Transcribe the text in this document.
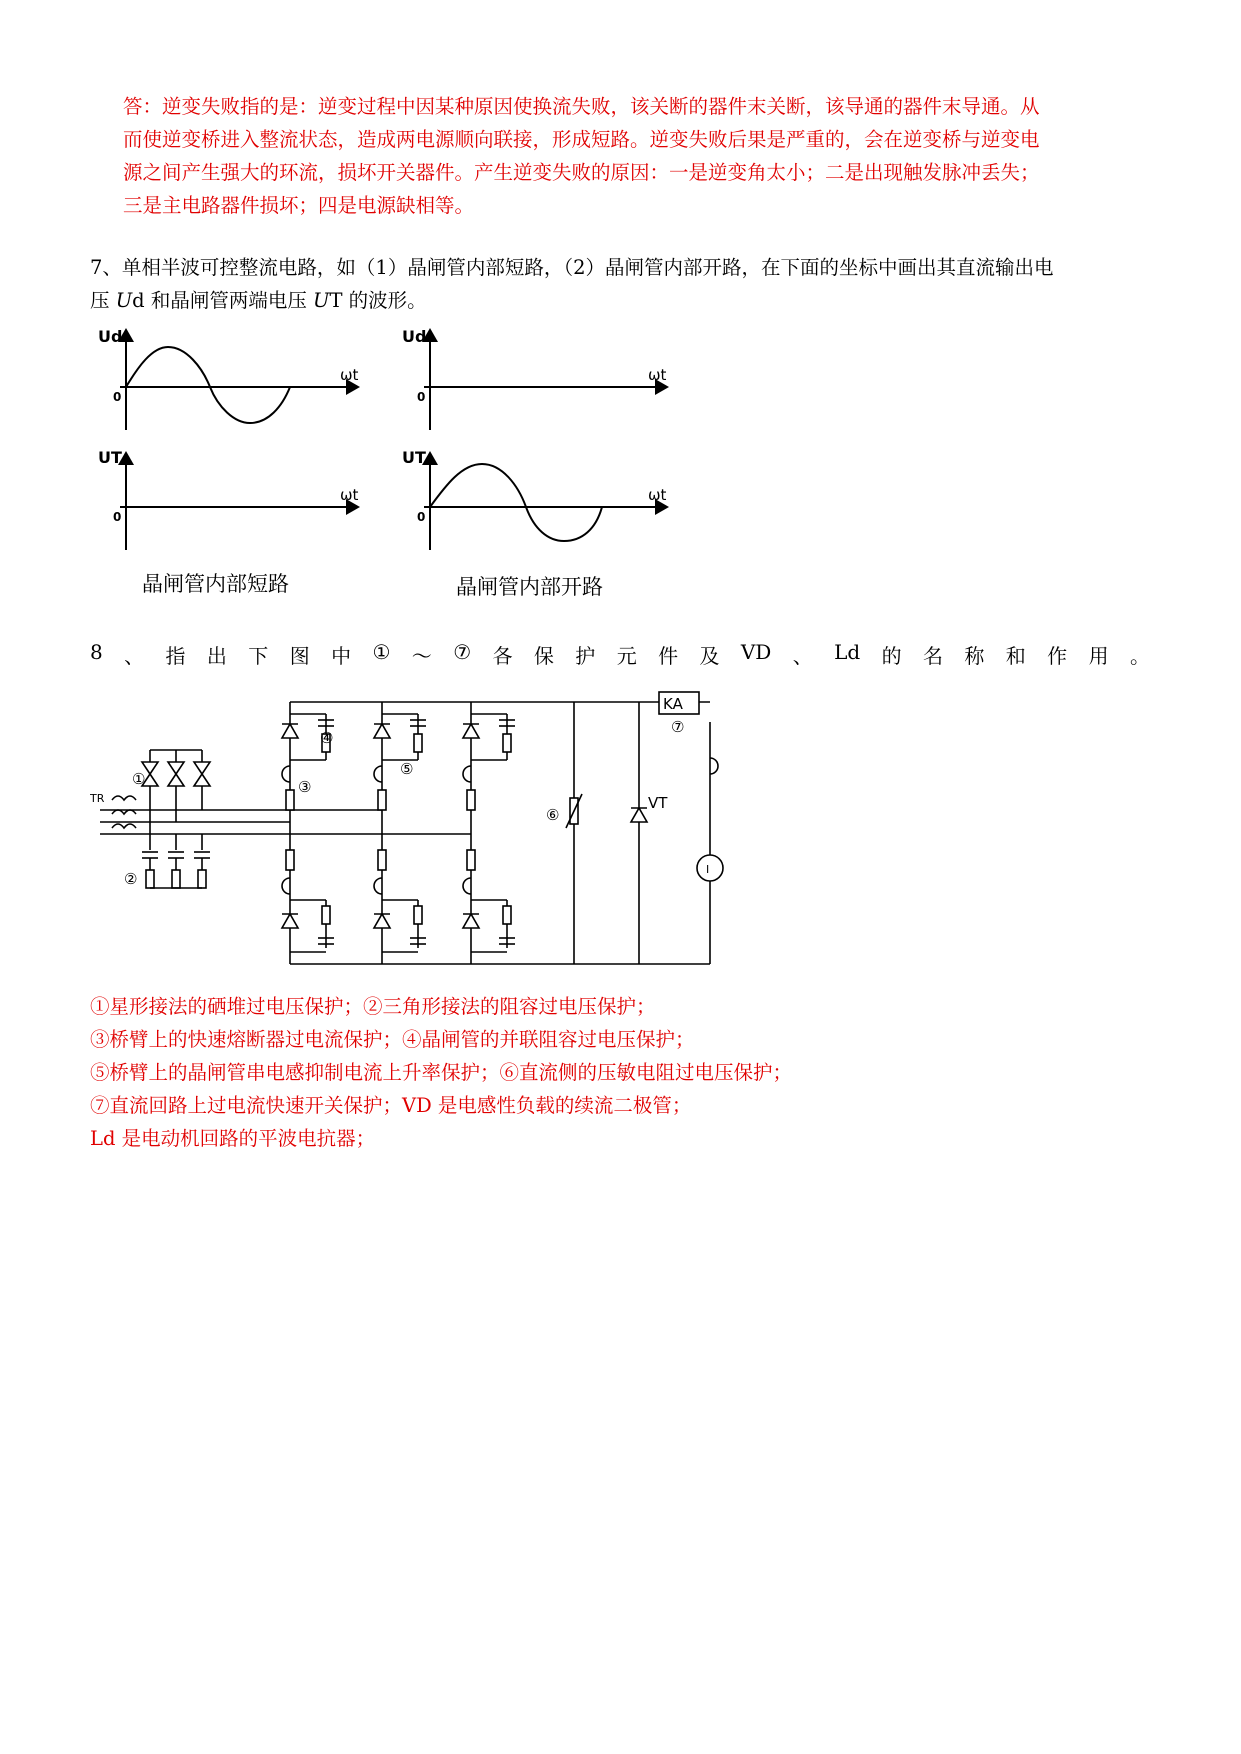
答：逆变失败指的是：逆变过程中因某种原因使换流失败，该关断的器件末关断，该导通的器件末导通。从
而使逆变桥进入整流状态，造成两电源顺向联接，形成短路。逆变失败后果是严重的，会在逆变桥与逆变电
源之间产生强大的环流，损坏开关器件。产生逆变失败的原因：一是逆变角太小；二是出现触发脉冲丢失；
三是主电路器件损坏；四是电源缺相等。
7、单相半波可控整流电路，如（1）晶闸管内部短路，（2）晶闸管内部开路，在下面的坐标中画出其直流输出电
压 Ud 和晶闸管两端电压 UT 的波形。
Ud	Ud
UT	UT
0	0
0	0
ωt	ωt
ωt	ωt
晶闸管内部短路	晶闸管内部开路
8 、 指 出 下 图 中 ① ～ ⑦ 各 保 护 元 件 及 VD 、 Ld 的 名 称 和 作 用 。
KA
⑦
①
②
③
④
⑤
⑥
VT
TR
I
①星形接法的硒堆过电压保护；②三角形接法的阻容过电压保护；
③桥臂上的快速熔断器过电流保护；④晶闸管的并联阻容过电压保护；
⑤桥臂上的晶闸管串电感抑制电流上升率保护；⑥直流侧的压敏电阻过电压保护；
⑦直流回路上过电流快速开关保护；VD 是电感性负载的续流二极管；
Ld 是电动机回路的平波电抗器；
